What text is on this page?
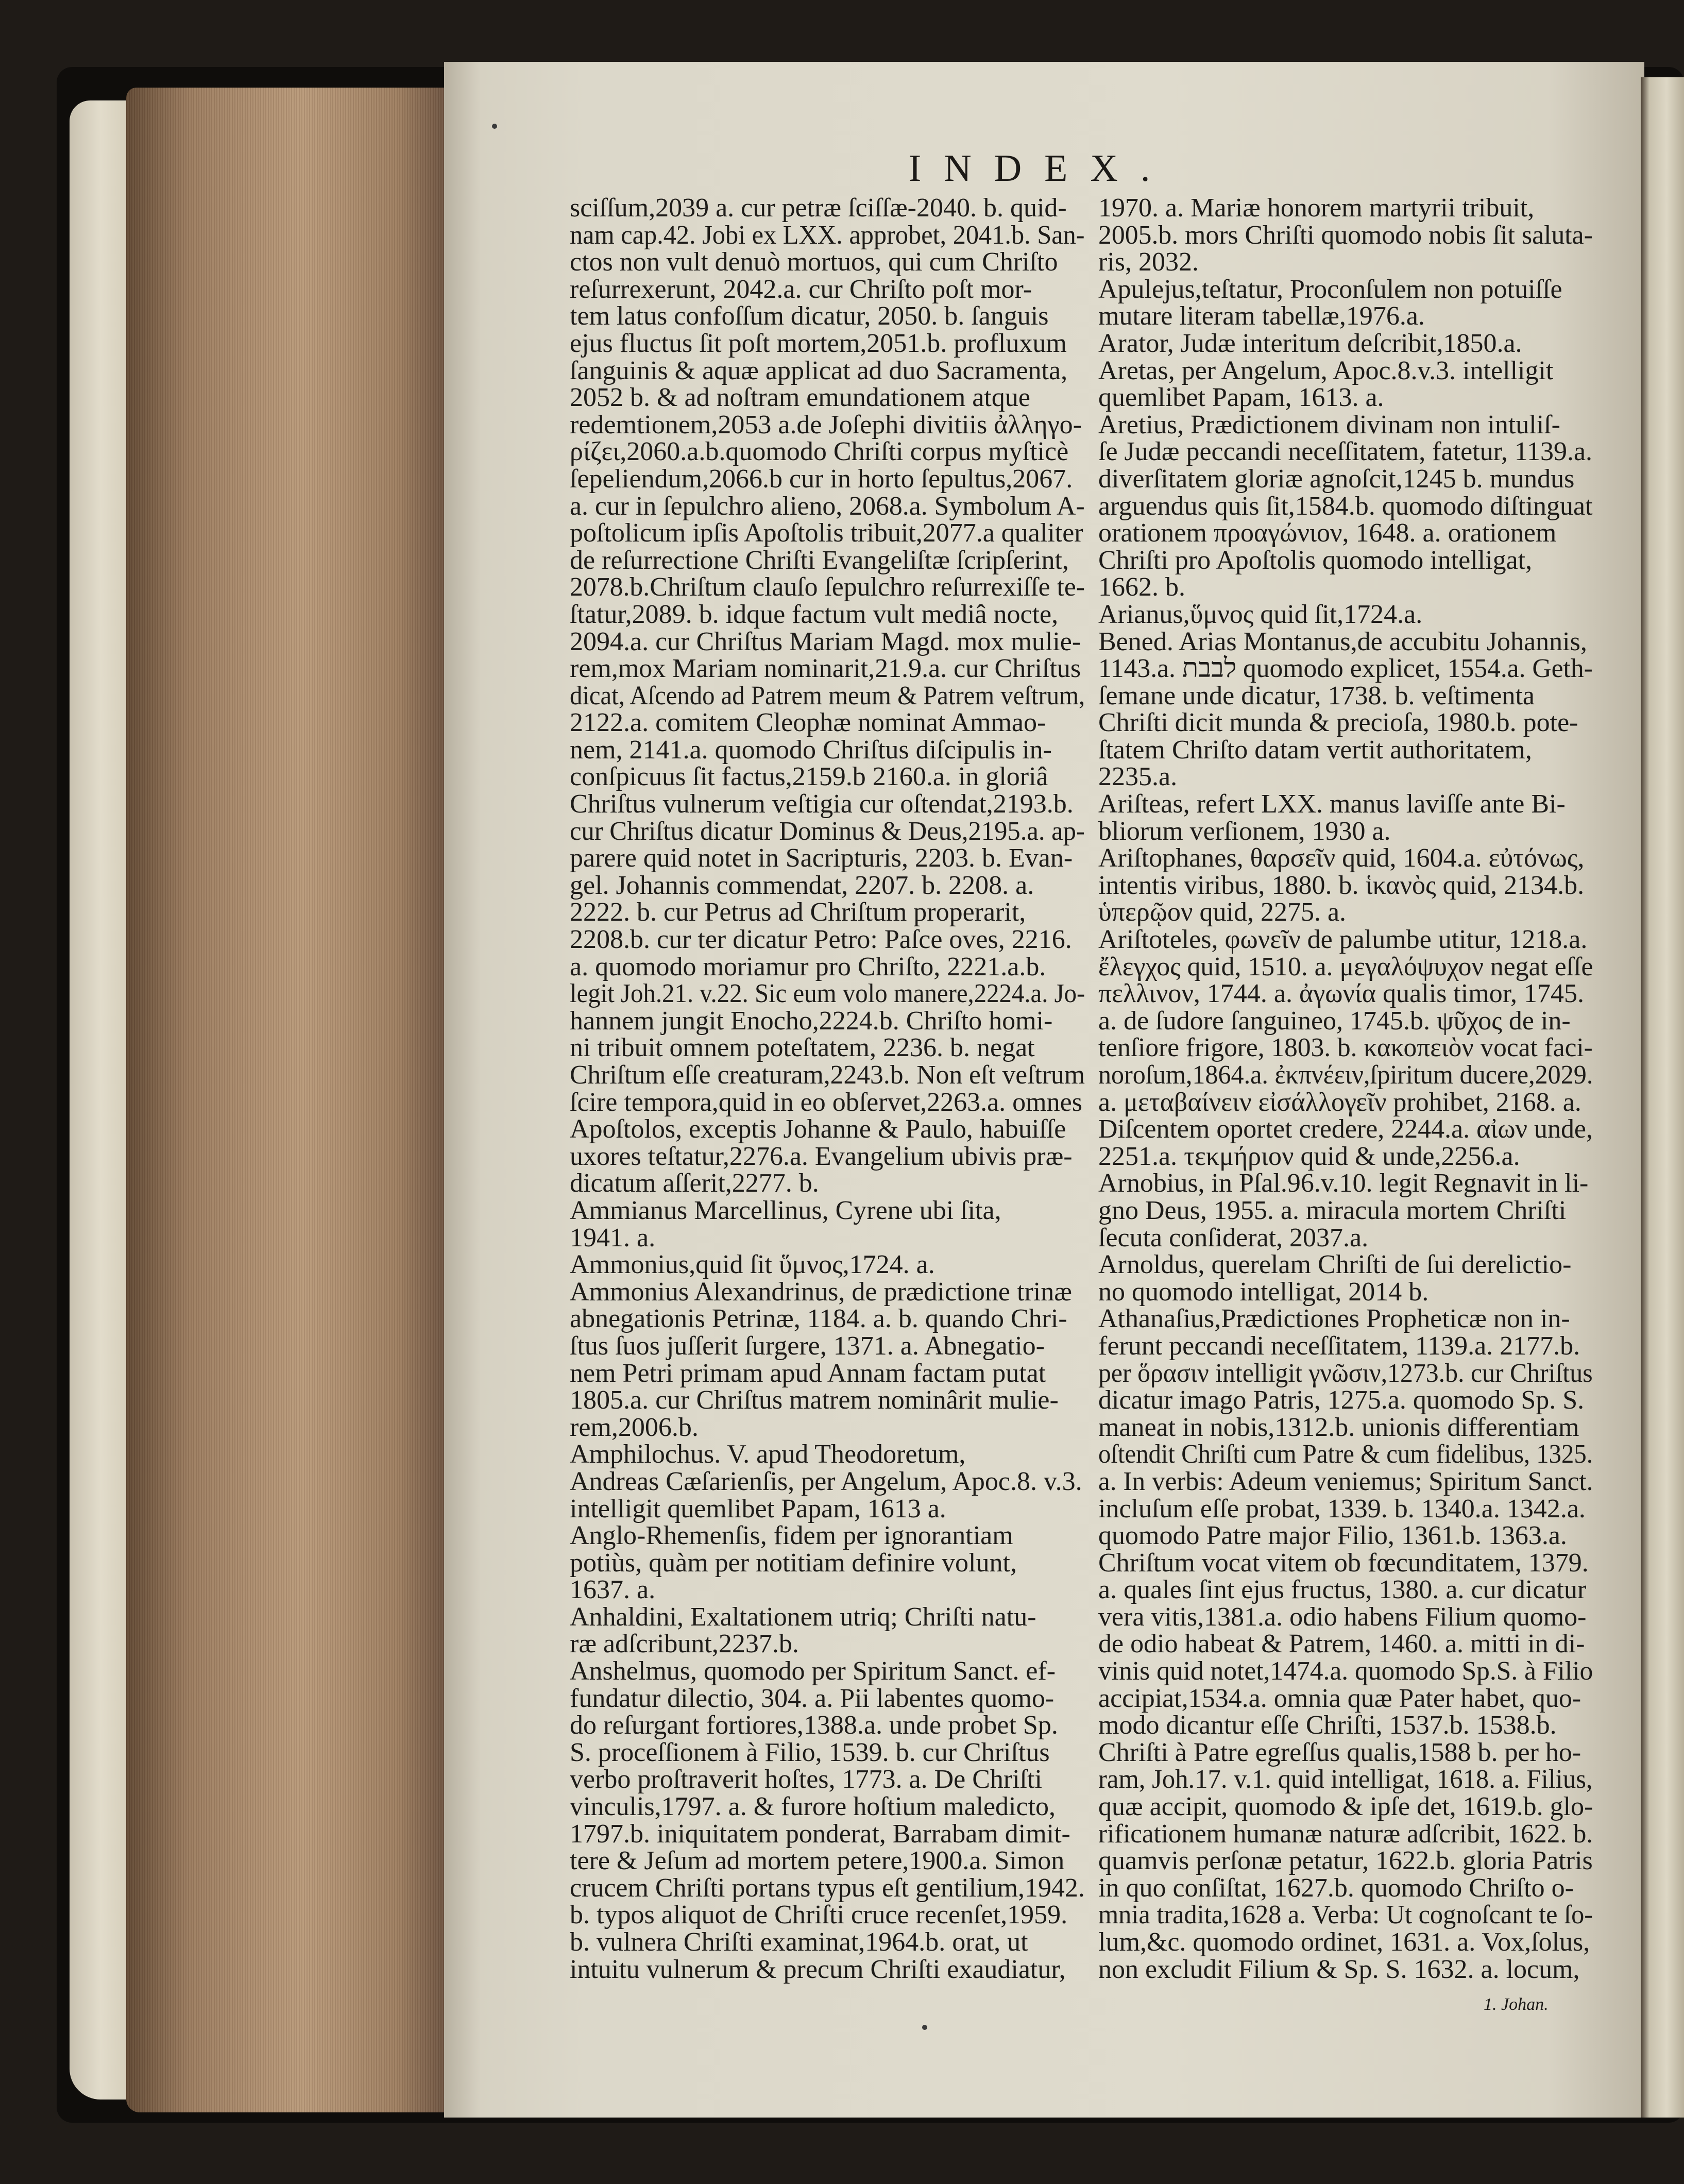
INDEX.
sciſſum,2039 a. cur petræ ſciſſæ-2040. b. quid-
nam cap.42. Jobi ex LXX. approbet, 2041.b. San-
ctos non vult denuò mortuos, qui cum Chriſto
reſurrexerunt, 2042.a. cur Chriſto poſt mor-
tem latus confoſſum dicatur, 2050. b. ſanguis
ejus fluctus ſit poſt mortem,2051.b. profluxum
ſanguinis & aquæ applicat ad duo Sacramenta,
2052 b. & ad noſtram emundationem atque
redemtionem,2053 a.de Joſephi divitiis ἀλληγο-
ρίζει,2060.a.b.quomodo Chriſti corpus myſticè
ſepeliendum,2066.b cur in horto ſepultus,2067.
a. cur in ſepulchro alieno, 2068.a. Symbolum A-
poſtolicum ipſis Apoſtolis tribuit,2077.a qualiter
de reſurrectione Chriſti Evangeliſtæ ſcripſerint,
2078.b.Chriſtum clauſo ſepulchro reſurrexiſſe te-
ſtatur,2089. b. idque factum vult mediâ nocte,
2094.a. cur Chriſtus Mariam Magd. mox mulie-
rem,mox Mariam nominarit,21.9.a. cur Chriſtus
dicat, Aſcendo ad Patrem meum & Patrem veſtrum,
2122.a. comitem Cleophæ nominat Ammao-
nem, 2141.a. quomodo Chriſtus diſcipulis in-
conſpicuus ſit factus,2159.b 2160.a. in gloriâ
Chriſtus vulnerum veſtigia cur oſtendat,2193.b.
cur Chriſtus dicatur Dominus & Deus,2195.a. ap-
parere quid notet in Sacripturis, 2203. b. Evan-
gel. Johannis commendat, 2207. b. 2208. a.
2222. b. cur Petrus ad Chriſtum properarit,
2208.b. cur ter dicatur Petro: Paſce oves, 2216.
a. quomodo moriamur pro Chriſto, 2221.a.b.
legit Joh.21. v.22. Sic eum volo manere,2224.a. Jo-
hannem jungit Enocho,2224.b. Chriſto homi-
ni tribuit omnem poteſtatem, 2236. b. negat
Chriſtum eſſe creaturam,2243.b. Non eſt veſtrum
ſcire tempora,quid in eo obſervet,2263.a. omnes
Apoſtolos, exceptis Johanne & Paulo, habuiſſe
uxores teſtatur,2276.a. Evangelium ubivis præ-
dicatum aſſerit,2277. b.
Ammianus Marcellinus, Cyrene ubi ſita,
1941. a.
Ammonius,quid ſit ὕμνος,1724. a.
Ammonius Alexandrinus, de prædictione trinæ
abnegationis Petrinæ, 1184. a. b. quando Chri-
ſtus ſuos juſſerit ſurgere, 1371. a. Abnegatio-
nem Petri primam apud Annam factam putat
1805.a. cur Chriſtus matrem nominârit mulie-
rem,2006.b.
Amphilochus. V. apud Theodoretum,
Andreas Cæſarienſis, per Angelum, Apoc.8. v.3.
intelligit quemlibet Papam, 1613 a.
Anglo-Rhemenſis, fidem per ignorantiam
potiùs, quàm per notitiam definire volunt,
1637. a.
Anhaldini, Exaltationem utriq; Chriſti natu-
ræ adſcribunt,2237.b.
Anshelmus, quomodo per Spiritum Sanct. ef-
fundatur dilectio, 304. a. Pii labentes quomo-
do reſurgant fortiores,1388.a. unde probet Sp.
S. proceſſionem à Filio, 1539. b. cur Chriſtus
verbo proſtraverit hoſtes, 1773. a. De Chriſti
vinculis,1797. a. & furore hoſtium maledicto,
1797.b. iniquitatem ponderat, Barrabam dimit-
tere & Jeſum ad mortem petere,1900.a. Simon
crucem Chriſti portans typus eſt gentilium,1942.
b. typos aliquot de Chriſti cruce recenſet,1959.
b. vulnera Chriſti examinat,1964.b. orat, ut
intuitu vulnerum & precum Chriſti exaudiatur,
1970. a. Mariæ honorem martyrii tribuit,
2005.b. mors Chriſti quomodo nobis ſit saluta-
ris, 2032.
Apulejus,teſtatur, Proconſulem non potuiſſe
mutare literam tabellæ,1976.a.
Arator, Judæ interitum deſcribit,1850.a.
Aretas, per Angelum, Apoc.8.v.3. intelligit
quemlibet Papam, 1613. a.
Aretius, Prædictionem divinam non intuliſ-
ſe Judæ peccandi neceſſitatem, fatetur, 1139.a.
diverſitatem gloriæ agnoſcit,1245 b. mundus
arguendus quis ſit,1584.b. quomodo diſtinguat
orationem προαγώνιον, 1648. a. orationem
Chriſti pro Apoſtolis quomodo intelligat,
1662. b.
Arianus,ὕμνος quid ſit,1724.a.
Bened. Arias Montanus,de accubitu Johannis,
1143.a. לבבת quomodo explicet, 1554.a. Geth-
ſemane unde dicatur, 1738. b. veſtimenta
Chriſti dicit munda & precioſa, 1980.b. pote-
ſtatem Chriſto datam vertit authoritatem,
2235.a.
Ariſteas, refert LXX. manus laviſſe ante Bi-
bliorum verſionem, 1930 a.
Ariſtophanes, θαρσεῖν quid, 1604.a. εὐτόνως,
intentis viribus, 1880. b. ἱκανὸς quid, 2134.b.
ὑπερῷον quid, 2275. a.
Ariſtoteles, φωνεῖν de palumbe utitur, 1218.a.
ἔλεγχος quid, 1510. a. μεγαλόψυχον negat eſſe
πελλινον, 1744. a. ἀγωνία qualis timor, 1745.
a. de ſudore ſanguineo, 1745.b. ψῦχος de in-
tenſiore frigore, 1803. b. κακοπειὸν vocat faci-
noroſum,1864.a. ἐκπνέειν,ſpiritum ducere,2029.
a. μεταβαίνειν εἰσάλλογεῖν prohibet, 2168. a.
Diſcentem oportet credere, 2244.a. αἰων unde,
2251.a. τεκμήριον quid & unde,2256.a.
Arnobius, in Pſal.96.v.10. legit Regnavit in li-
gno Deus, 1955. a. miracula mortem Chriſti
ſecuta conſiderat, 2037.a.
Arnoldus, querelam Chriſti de ſui derelictio-
no quomodo intelligat, 2014 b.
Athanaſius,Prædictiones Propheticæ non in-
ferunt peccandi neceſſitatem, 1139.a. 2177.b.
per ὅρασιν intelligit γνῶσιν,1273.b. cur Chriſtus
dicatur imago Patris, 1275.a. quomodo Sp. S.
maneat in nobis,1312.b. unionis differentiam
oſtendit Chriſti cum Patre & cum fidelibus, 1325.
a. In verbis: Adeum veniemus; Spiritum Sanct.
incluſum eſſe probat, 1339. b. 1340.a. 1342.a.
quomodo Patre major Filio, 1361.b. 1363.a.
Chriſtum vocat vitem ob fœcunditatem, 1379.
a. quales ſint ejus fructus, 1380. a. cur dicatur
vera vitis,1381.a. odio habens Filium quomo-
de odio habeat & Patrem, 1460. a. mitti in di-
vinis quid notet,1474.a. quomodo Sp.S. à Filio
accipiat,1534.a. omnia quæ Pater habet, quo-
modo dicantur eſſe Chriſti, 1537.b. 1538.b.
Chriſti à Patre egreſſus qualis,1588 b. per ho-
ram, Joh.17. v.1. quid intelligat, 1618. a. Filius,
quæ accipit, quomodo & ipſe det, 1619.b. glo-
rificationem humanæ naturæ adſcribit, 1622. b.
quamvis perſonæ petatur, 1622.b. gloria Patris
in quo conſiſtat, 1627.b. quomodo Chriſto o-
mnia tradita,1628 a. Verba: Ut cognoſcant te ſo-
lum,&c. quomodo ordinet, 1631. a. Vox,ſolus,
non excludit Filium & Sp. S. 1632. a. locum,
1. Johan.
